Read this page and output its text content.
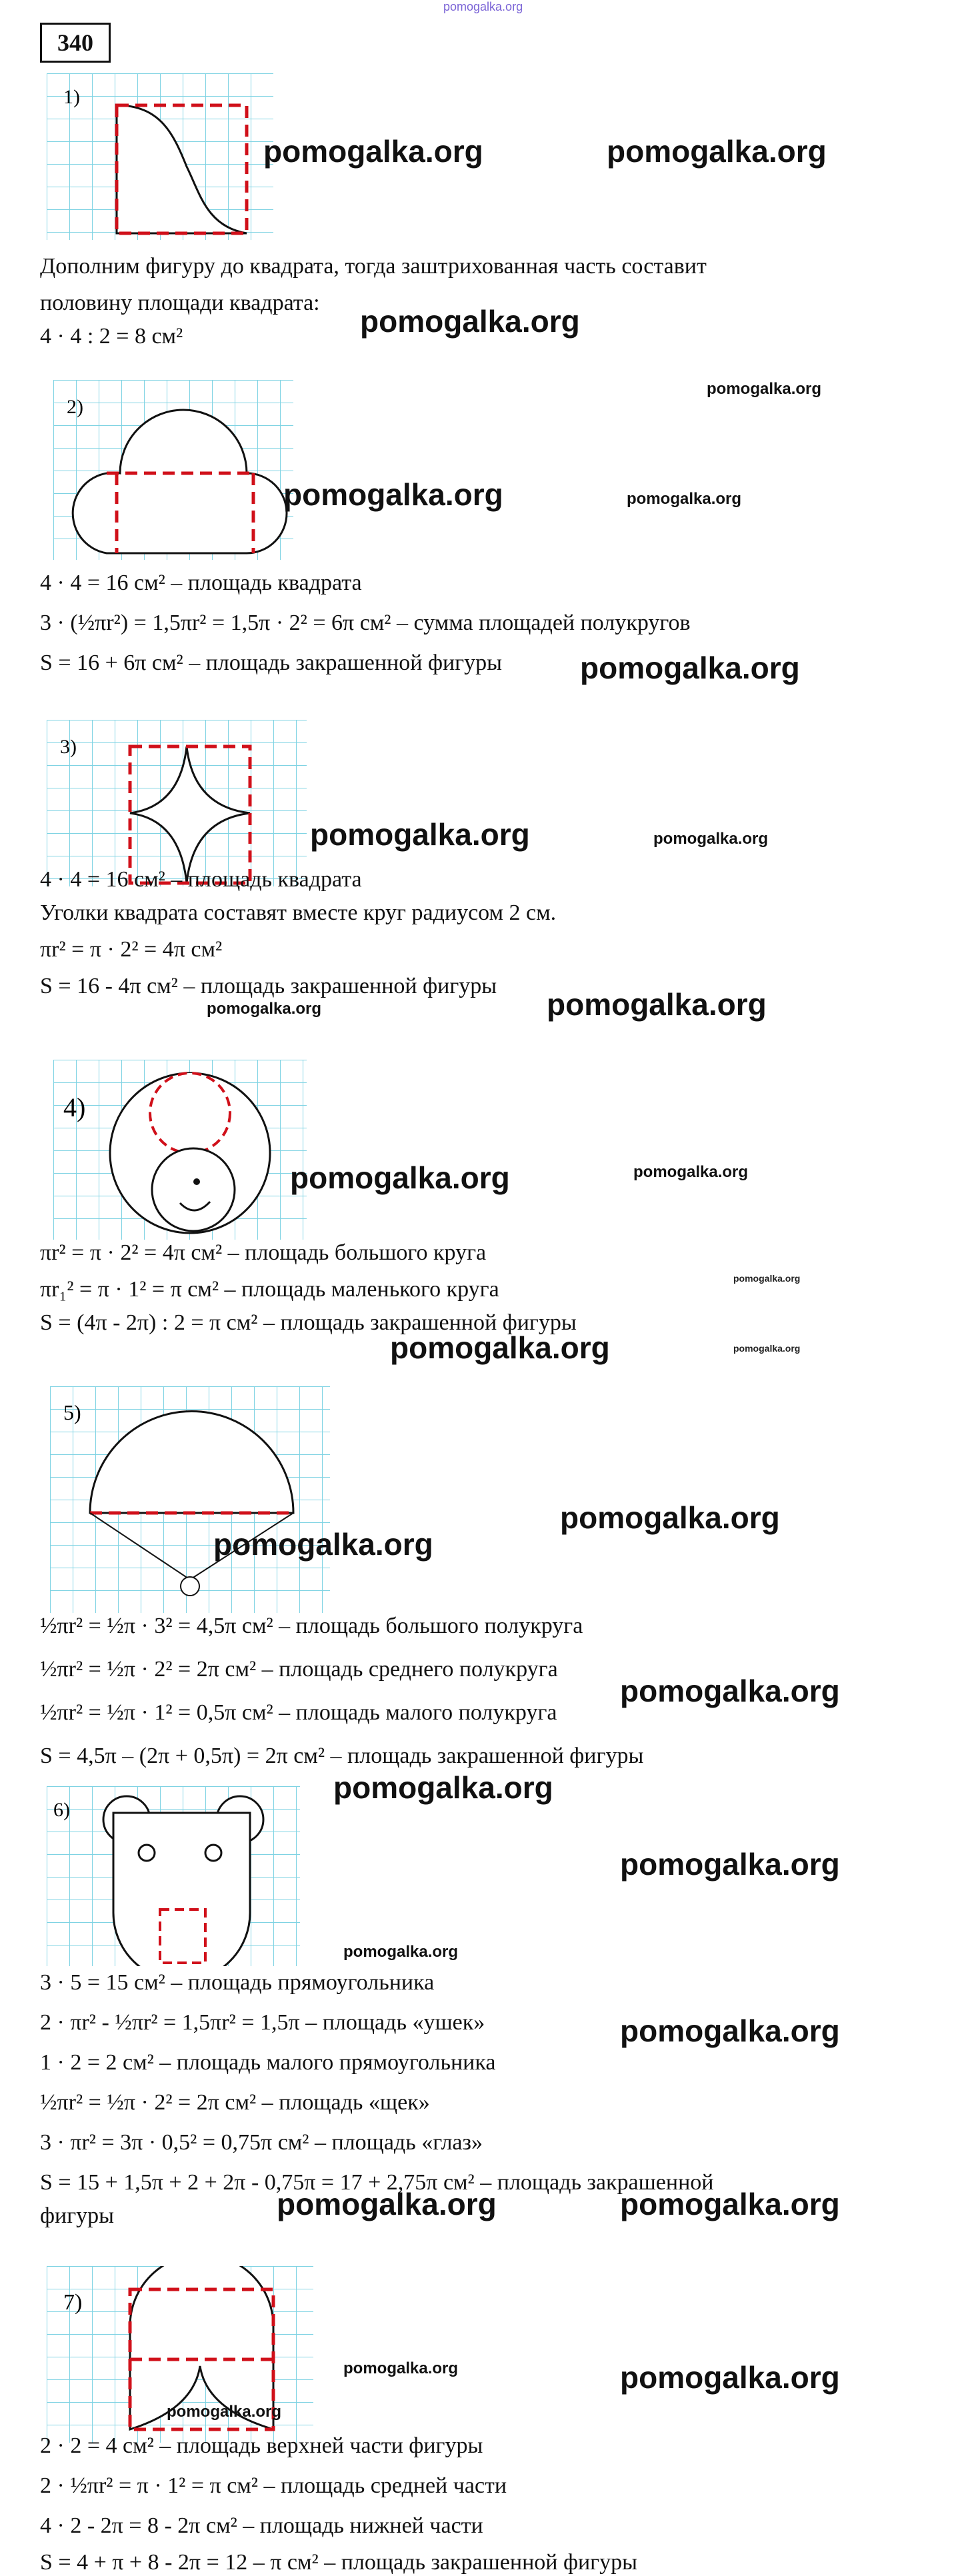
pomogalka.org
340
1)
2)
3)
4)
5)
6)
7)
Дополним фигуру до квадрата, тогда заштрихованная часть составит
половину площади квадрата:
4 · 4 : 2 = 8 см²
4 · 4 = 16 см² – площадь квадрата
3 · (½πr²) = 1,5πr² = 1,5π · 2² = 6π см² – сумма площадей полукругов
S = 16 + 6π см² – площадь закрашенной фигуры
4 · 4 = 16 см² – площадь квадрата
Уголки квадрата составят вместе круг радиусом 2 см.
πr² = π · 2² = 4π см²
S = 16 - 4π см² – площадь закрашенной фигуры
πr² = π · 2² = 4π см² – площадь большого круга
πr₁² = π · 1² = π см² – площадь маленького круга
S = (4π - 2π) : 2 = π см² – площадь закрашенной фигуры
½πr² = ½π · 3² = 4,5π см² – площадь большого полукруга
½πr² = ½π · 2² = 2π см² – площадь среднего полукруга
½πr² = ½π · 1² = 0,5π см² – площадь малого полукруга
S = 4,5π – (2π + 0,5π) = 2π см² – площадь закрашенной фигуры
3 · 5 = 15 см² – площадь прямоугольника
2 · πr² - ½πr² = 1,5πr² = 1,5π – площадь «ушек»
1 · 2 = 2 см² – площадь малого прямоугольника
½πr² = ½π · 2² = 2π см² – площадь «щек»
3 · πr² = 3π · 0,5² = 0,75π см² – площадь «глаз»
S = 15 + 1,5π + 2 + 2π - 0,75π = 17 + 2,75π см² – площадь закрашенной
фигуры
2 · 2 = 4 см² – площадь верхней части фигуры
2 · ½πr² = π · 1² = π см² – площадь средней части
4 · 2 - 2π = 8 - 2π см² – площадь нижней части
S = 4 + π + 8 - 2π = 12 – π см² – площадь закрашенной фигуры
pomogalka.org	pomogalka.org
pomogalka.org
pomogalka.org
pomogalka.org	pomogalka.org
pomogalka.org
pomogalka.org	pomogalka.org
pomogalka.org
pomogalka.org
pomogalka.org	pomogalka.org
pomogalka.org
pomogalka.org
pomogalka.org
pomogalka.org
pomogalka.org
pomogalka.org
pomogalka.org
pomogalka.org
pomogalka.org
pomogalka.org
pomogalka.org	pomogalka.org
pomogalka.org	pomogalka.org
pomogalka.org
